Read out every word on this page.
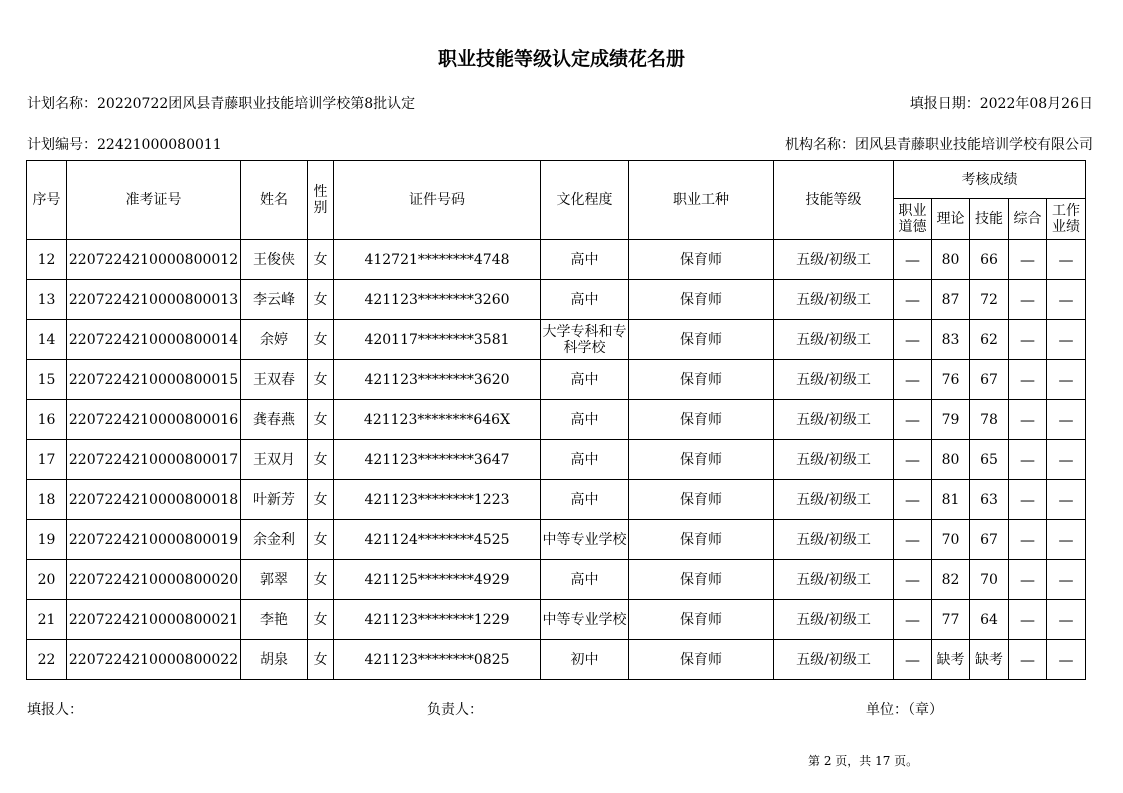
职业技能等级认定成绩花名册
计划名称：20220722团风县青藤职业技能培训学校第8批认定	填报日期：2022年08月26日
计划编号：22421000080011	机构名称：团风县青藤职业技能培训学校有限公司
序号	准考证号	姓名	性别	证件号码	文化程度	职业工种	技能等级	考核成绩				
								职业道德	理论	技能	综合	工作业绩
12	2207224210000800012	王俊侠	女	412721********4748	高中	保育师	五级/初级工	—	80	66	—	—
13	2207224210000800013	李云峰	女	421123********3260	高中	保育师	五级/初级工	—	87	72	—	—
14	2207224210000800014	余婷	女	420117********3581	大学专科和专科学校	保育师	五级/初级工	—	83	62	—	—
15	2207224210000800015	王双春	女	421123********3620	高中	保育师	五级/初级工	—	76	67	—	—
16	2207224210000800016	龚春燕	女	421123********646X	高中	保育师	五级/初级工	—	79	78	—	—
17	2207224210000800017	王双月	女	421123********3647	高中	保育师	五级/初级工	—	80	65	—	—
18	2207224210000800018	叶新芳	女	421123********1223	高中	保育师	五级/初级工	—	81	63	—	—
19	2207224210000800019	余金利	女	421124********4525	中等专业学校	保育师	五级/初级工	—	70	67	—	—
20	2207224210000800020	郭翠	女	421125********4929	高中	保育师	五级/初级工	—	82	70	—	—
21	2207224210000800021	李艳	女	421123********1229	中等专业学校	保育师	五级/初级工	—	77	64	—	—
22	2207224210000800022	胡泉	女	421123********0825	初中	保育师	五级/初级工	—	缺考	缺考	—	—
填报人：	负责人：	单位：（章）
第 2 页，共 17 页。
